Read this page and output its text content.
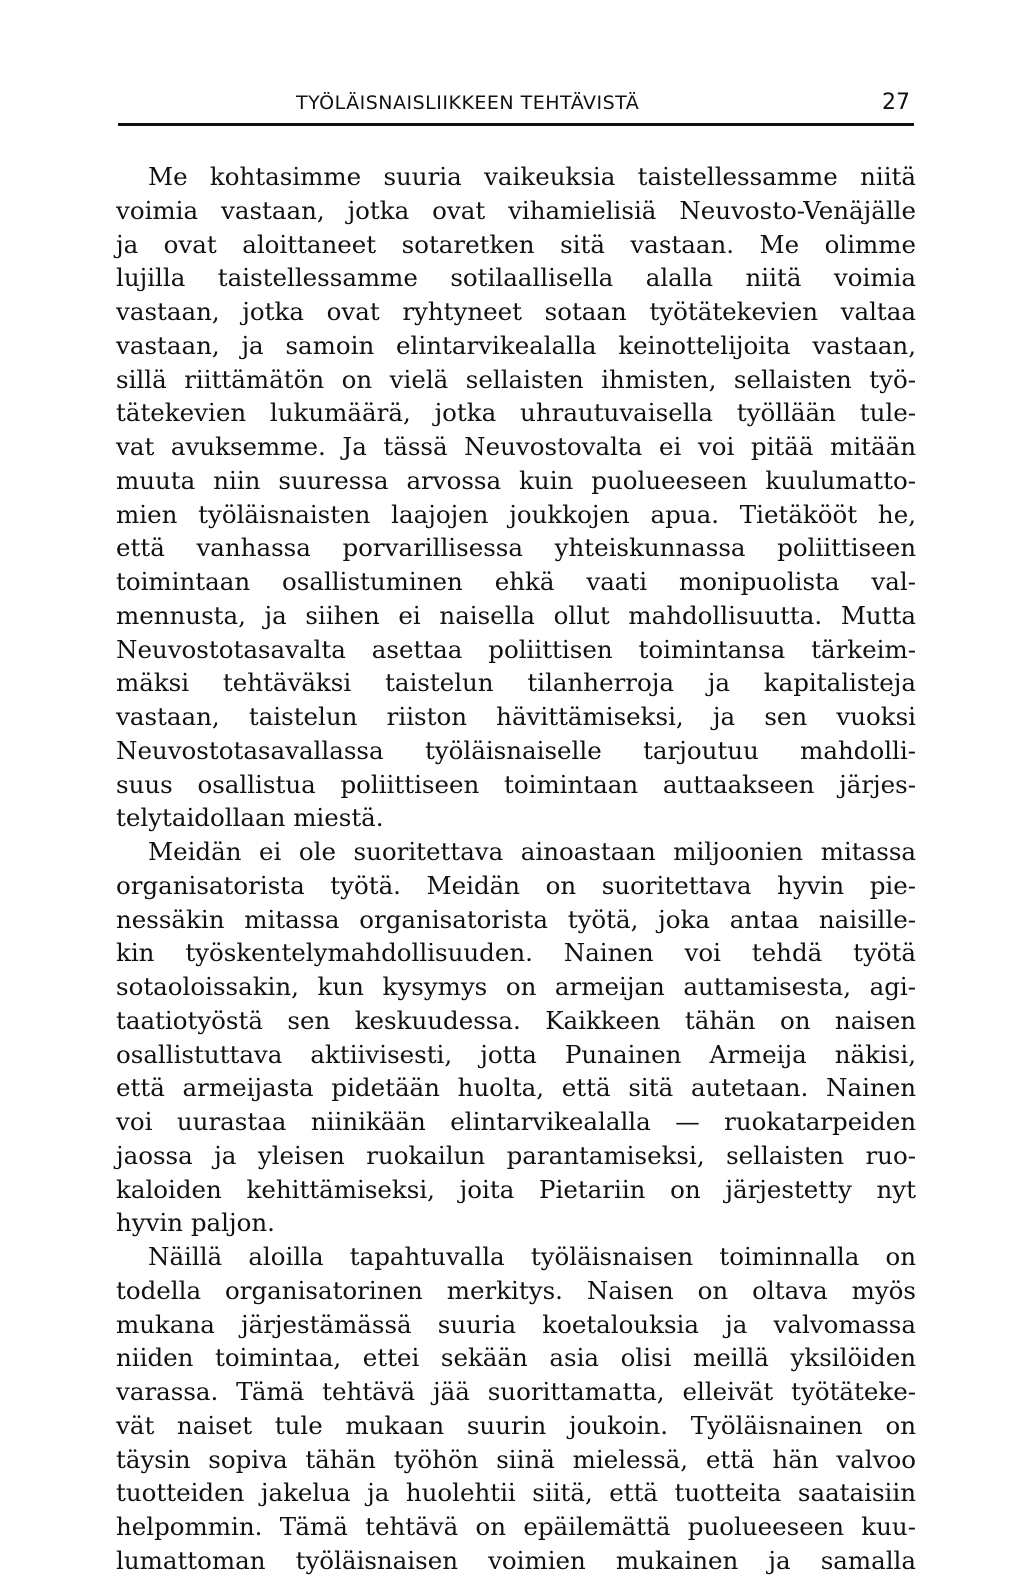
TYÖLÄISNAISLIIKKEEN TEHTÄVISTÄ	27
Me kohtasimme suuria vaikeuksia taistellessamme niitä
voimia vastaan, jotka ovat vihamielisiä Neuvosto-Venäjälle
ja ovat aloittaneet sotaretken sitä vastaan. Me olimme
lujilla taistellessamme sotilaallisella alalla niitä voimia
vastaan, jotka ovat ryhtyneet sotaan työtätekevien valtaa
vastaan, ja samoin elintarvikealalla keinottelijoita vastaan,
sillä riittämätön on vielä sellaisten ihmisten, sellaisten työ-
tätekevien lukumäärä, jotka uhrautuvaisella työllään tule-
vat avuksemme. Ja tässä Neuvostovalta ei voi pitää mitään
muuta niin suuressa arvossa kuin puolueeseen kuulumatto-
mien työläisnaisten laajojen joukkojen apua. Tietäkööt he,
että vanhassa porvarillisessa yhteiskunnassa poliittiseen
toimintaan osallistuminen ehkä vaati monipuolista val-
mennusta, ja siihen ei naisella ollut mahdollisuutta. Mutta
Neuvostotasavalta asettaa poliittisen toimintansa tärkeim-
mäksi tehtäväksi taistelun tilanherroja ja kapitalisteja
vastaan, taistelun riiston hävittämiseksi, ja sen vuoksi
Neuvostotasavallassa työläisnaiselle tarjoutuu mahdolli-
suus osallistua poliittiseen toimintaan auttaakseen järjes-
telytaidollaan miestä.
Meidän ei ole suoritettava ainoastaan miljoonien mitassa
organisatorista työtä. Meidän on suoritettava hyvin pie-
nessäkin mitassa organisatorista työtä, joka antaa naisille-
kin työskentelymahdollisuuden. Nainen voi tehdä työtä
sotaoloissakin, kun kysymys on armeijan auttamisesta, agi-
taatiotyöstä sen keskuudessa. Kaikkeen tähän on naisen
osallistuttava aktiivisesti, jotta Punainen Armeija näkisi,
että armeijasta pidetään huolta, että sitä autetaan. Nainen
voi uurastaa niinikään elintarvikealalla — ruokatarpeiden
jaossa ja yleisen ruokailun parantamiseksi, sellaisten ruo-
kaloiden kehittämiseksi, joita Pietariin on järjestetty nyt
hyvin paljon.
Näillä aloilla tapahtuvalla työläisnaisen toiminnalla on
todella organisatorinen merkitys. Naisen on oltava myös
mukana järjestämässä suuria koetalouksia ja valvomassa
niiden toimintaa, ettei sekään asia olisi meillä yksilöiden
varassa. Tämä tehtävä jää suorittamatta, elleivät työtäteke-
vät naiset tule mukaan suurin joukoin. Työläisnainen on
täysin sopiva tähän työhön siinä mielessä, että hän valvoo
tuotteiden jakelua ja huolehtii siitä, että tuotteita saataisiin
helpommin. Tämä tehtävä on epäilemättä puolueeseen kuu-
lumattoman työläisnaisen voimien mukainen ja samalla
